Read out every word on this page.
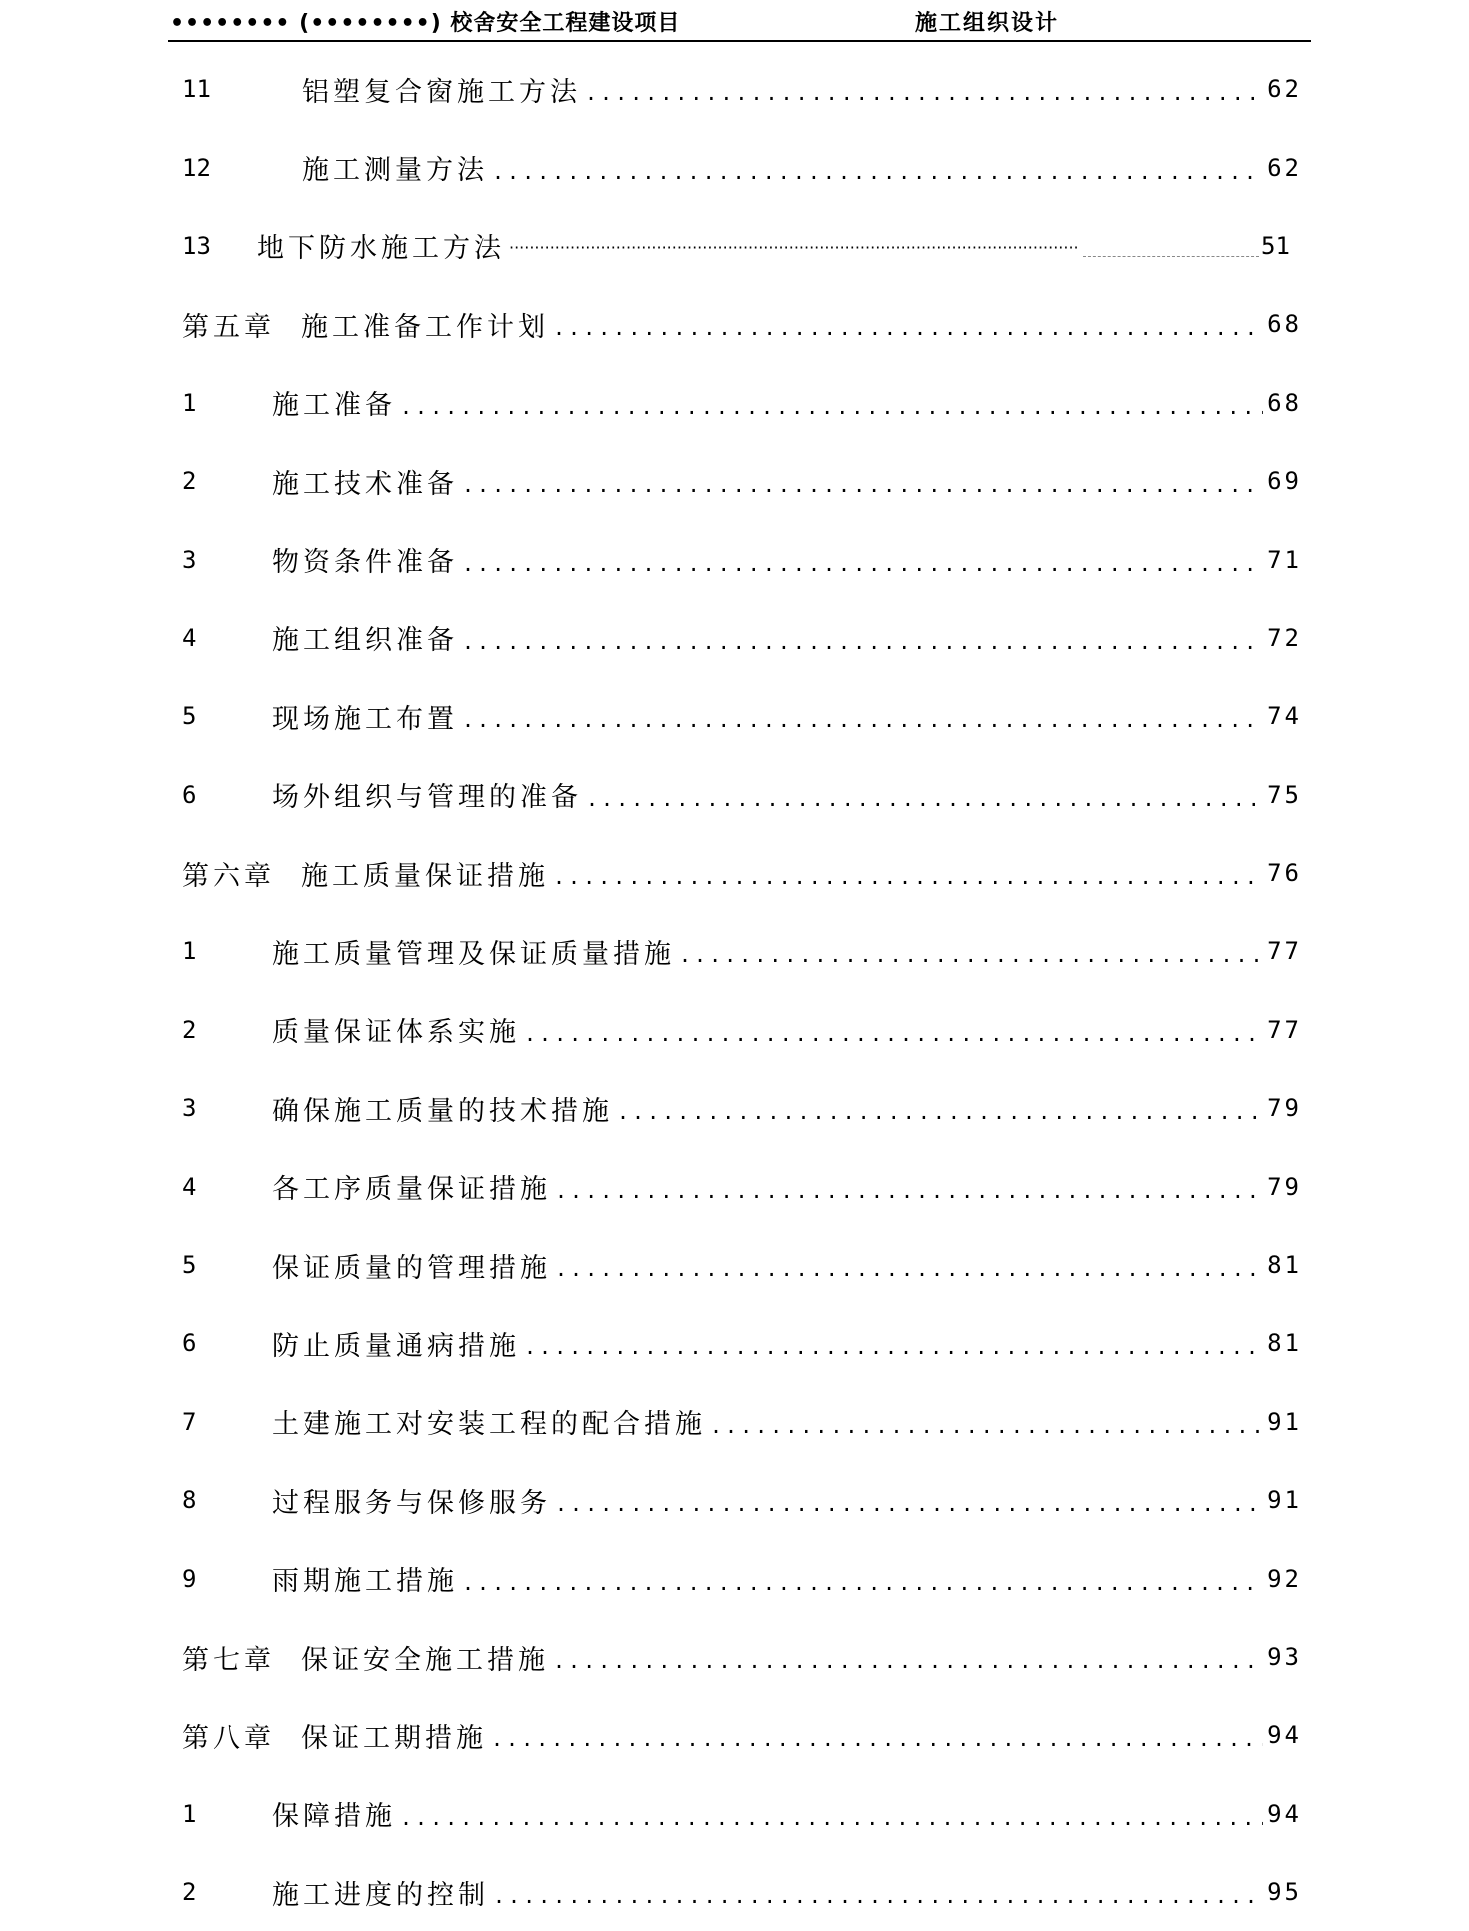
•••••••• (••••••••) 校舍安全工程建设项目	施工组织设计
11	铝塑复合窗施工方法 .....	62
12	施工测量方法 .....	62
13	地下防水施工方法 ·····	51
第五章 施工准备工作计划 .....	68
1	施工准备 .....	68
2	施工技术准备 .....	69
3	物资条件准备 .....	71
4	施工组织准备 .....	72
5	现场施工布置 .....	74
6	场外组织与管理的准备 .....	75
第六章 施工质量保证措施 .....	76
1	施工质量管理及保证质量措施 .....	77
2	质量保证体系实施 .....	77
3	确保施工质量的技术措施 .....	79
4	各工序质量保证措施 .....	79
5	保证质量的管理措施 .....	81
6	防止质量通病措施 .....	81
7	土建施工对安装工程的配合措施 .....	91
8	过程服务与保修服务 .....	91
9	雨期施工措施 .....	92
第七章 保证安全施工措施 .....	93
第八章 保证工期措施 .....	94
1	保障措施 .....	94
2	施工进度的控制 .....	95
